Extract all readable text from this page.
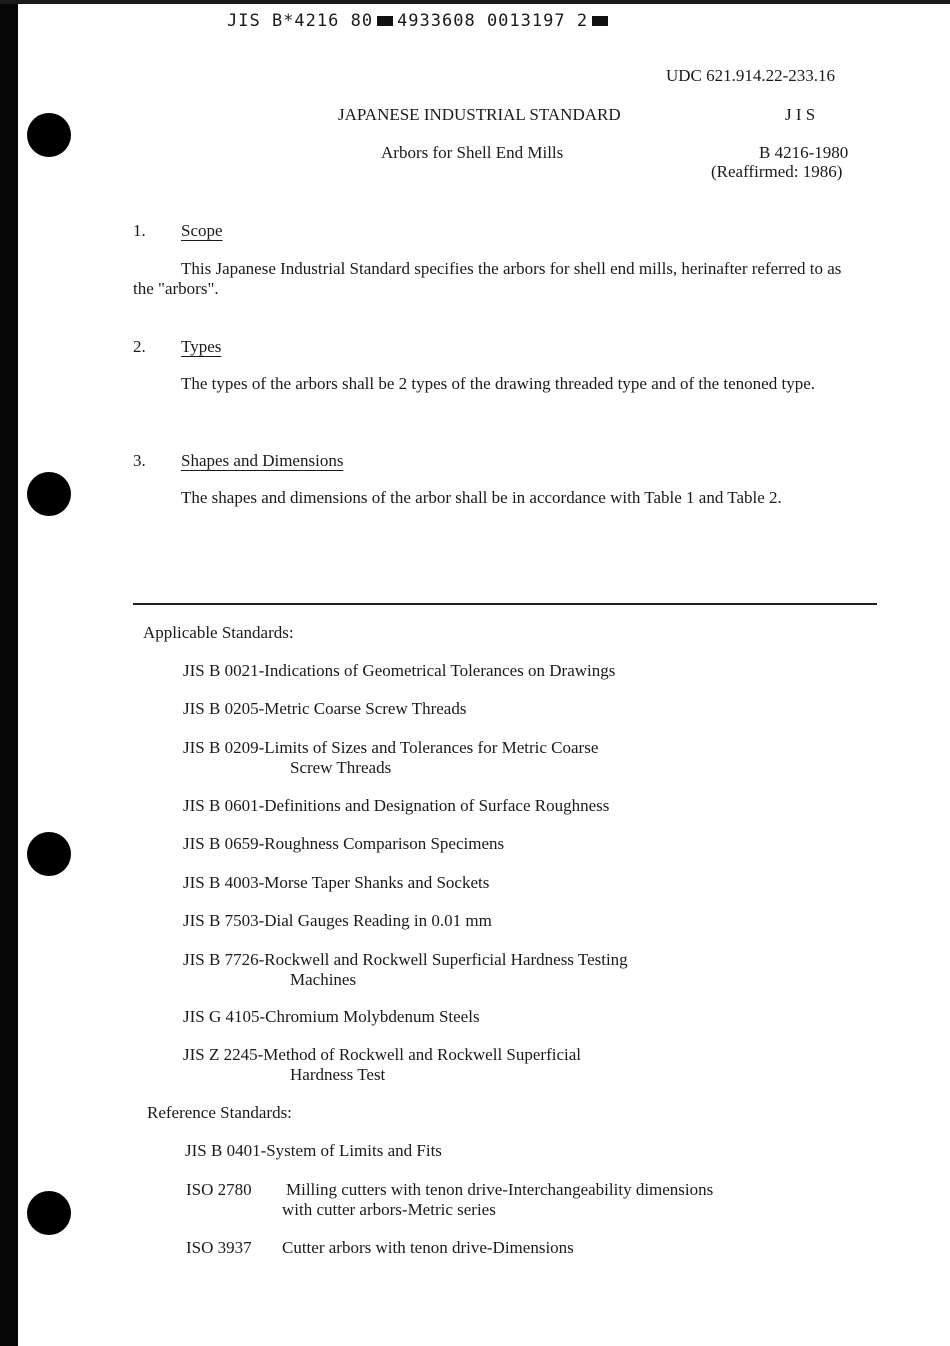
JIS B*4216 80 4933608 0013197 2
UDC 621.914.22-233.16
JAPANESE INDUSTRIAL STANDARD	J I S
Arbors for Shell End Mills	B 4216-1980
(Reaffirmed: 1986)
1. Scope
This Japanese Industrial Standard specifies the arbors for shell end mills, herinafter referred to as the "arbors".
2. Types
The types of the arbors shall be 2 types of the drawing threaded type and of the tenoned type.
3. Shapes and Dimensions
The shapes and dimensions of the arbor shall be in accordance with Table 1 and Table 2.
Applicable Standards:
JIS B 0021-Indications of Geometrical Tolerances on Drawings
JIS B 0205-Metric Coarse Screw Threads
JIS B 0209-Limits of Sizes and Tolerances for Metric Coarse
Screw Threads
JIS B 0601-Definitions and Designation of Surface Roughness
JIS B 0659-Roughness Comparison Specimens
JIS B 4003-Morse Taper Shanks and Sockets
JIS B 7503-Dial Gauges Reading in 0.01 mm
JIS B 7726-Rockwell and Rockwell Superficial Hardness Testing
Machines
JIS G 4105-Chromium Molybdenum Steels
JIS Z 2245-Method of Rockwell and Rockwell Superficial
Hardness Test
Reference Standards:
JIS B 0401-System of Limits and Fits
ISO 2780 Milling cutters with tenon drive-Interchangeability dimensions
with cutter arbors-Metric series
ISO 3937 Cutter arbors with tenon drive-Dimensions
